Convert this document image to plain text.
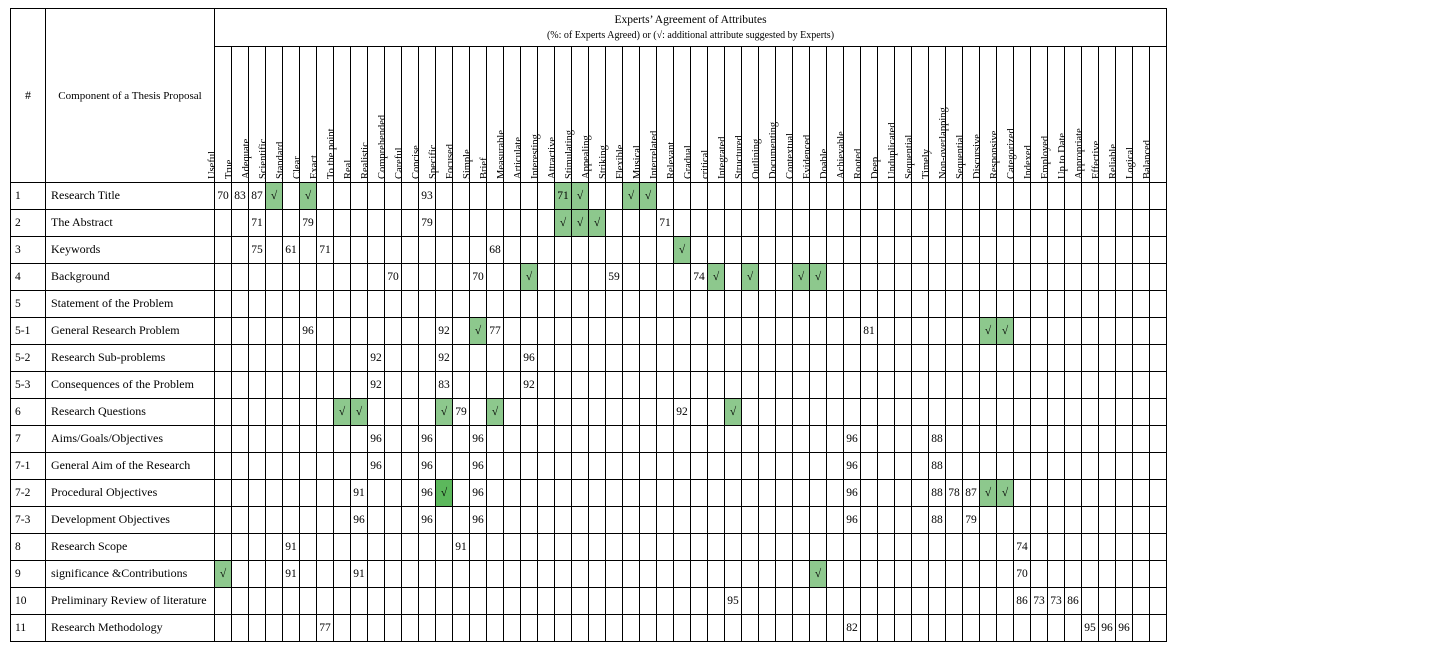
#	Component of a Thesis Proposal	Experts’ Agreement of Attributes
(%: of Experts Agreed) or (√: additional attribute suggested by Experts)																																																							

		Useful	True	Adequate	Scientific	Standard	Clear	Exact	To the point	Real	Realistic	Comprehended	Careful	Concise	Specific	Focused	Simple	Brief	Measurable	Articulate	Interesting	Attractive	Stimulating	Appealing	Striking	Flexible	Musical	Interrelated	Relevant	Gradual	critical	Integrated	Structured	Outlining	Documenting	Contextual	Evidenced	Doable	Achievable	Rooted	Deep	Unduplicated	Sequential	Timely	Non-overlapping	Sequential	Discursive	Responsive	Categorized	Indexed	Employed	Up to Date	Appropriate	Effective	Reliable	Logical	Balanced

1	Research Title	70	83	87	√		√							93								71	√			√	√																														
2	The Abstract			71			79							79								√	√	√				71																													
3	Keywords			75		61		71										68											√																												
4	Background											70					70			√					59					74	√		√			√	√																				
5	Statement of the Problem																																																								
5-1	General Research Problem						96								92		√	77																						81							√	√									
5-2	Research Sub-problems										92				92					96																																					
5-3	Consequences of the Problem										92				83					92																																					
6	Research Questions								√	√					√	79		√											92			√																									
7	Aims/Goals/Objectives										96			96			96																						96					88													
7-1	General Aim of the Research										96			96			96																						96					88													
7-2	Procedural Objectives									91				96	√		96																						96					88	78	87	√	√									
7-3	Development Objectives									96				96			96																						96					88		79											
8	Research Scope					91										91																																	74								
9	significance &Contributions	√				91				91																											√												70								
10	Preliminary Review of literature																															95																	86	73	73	86					
11	Research Methodology							77																															82														95	96	96		
